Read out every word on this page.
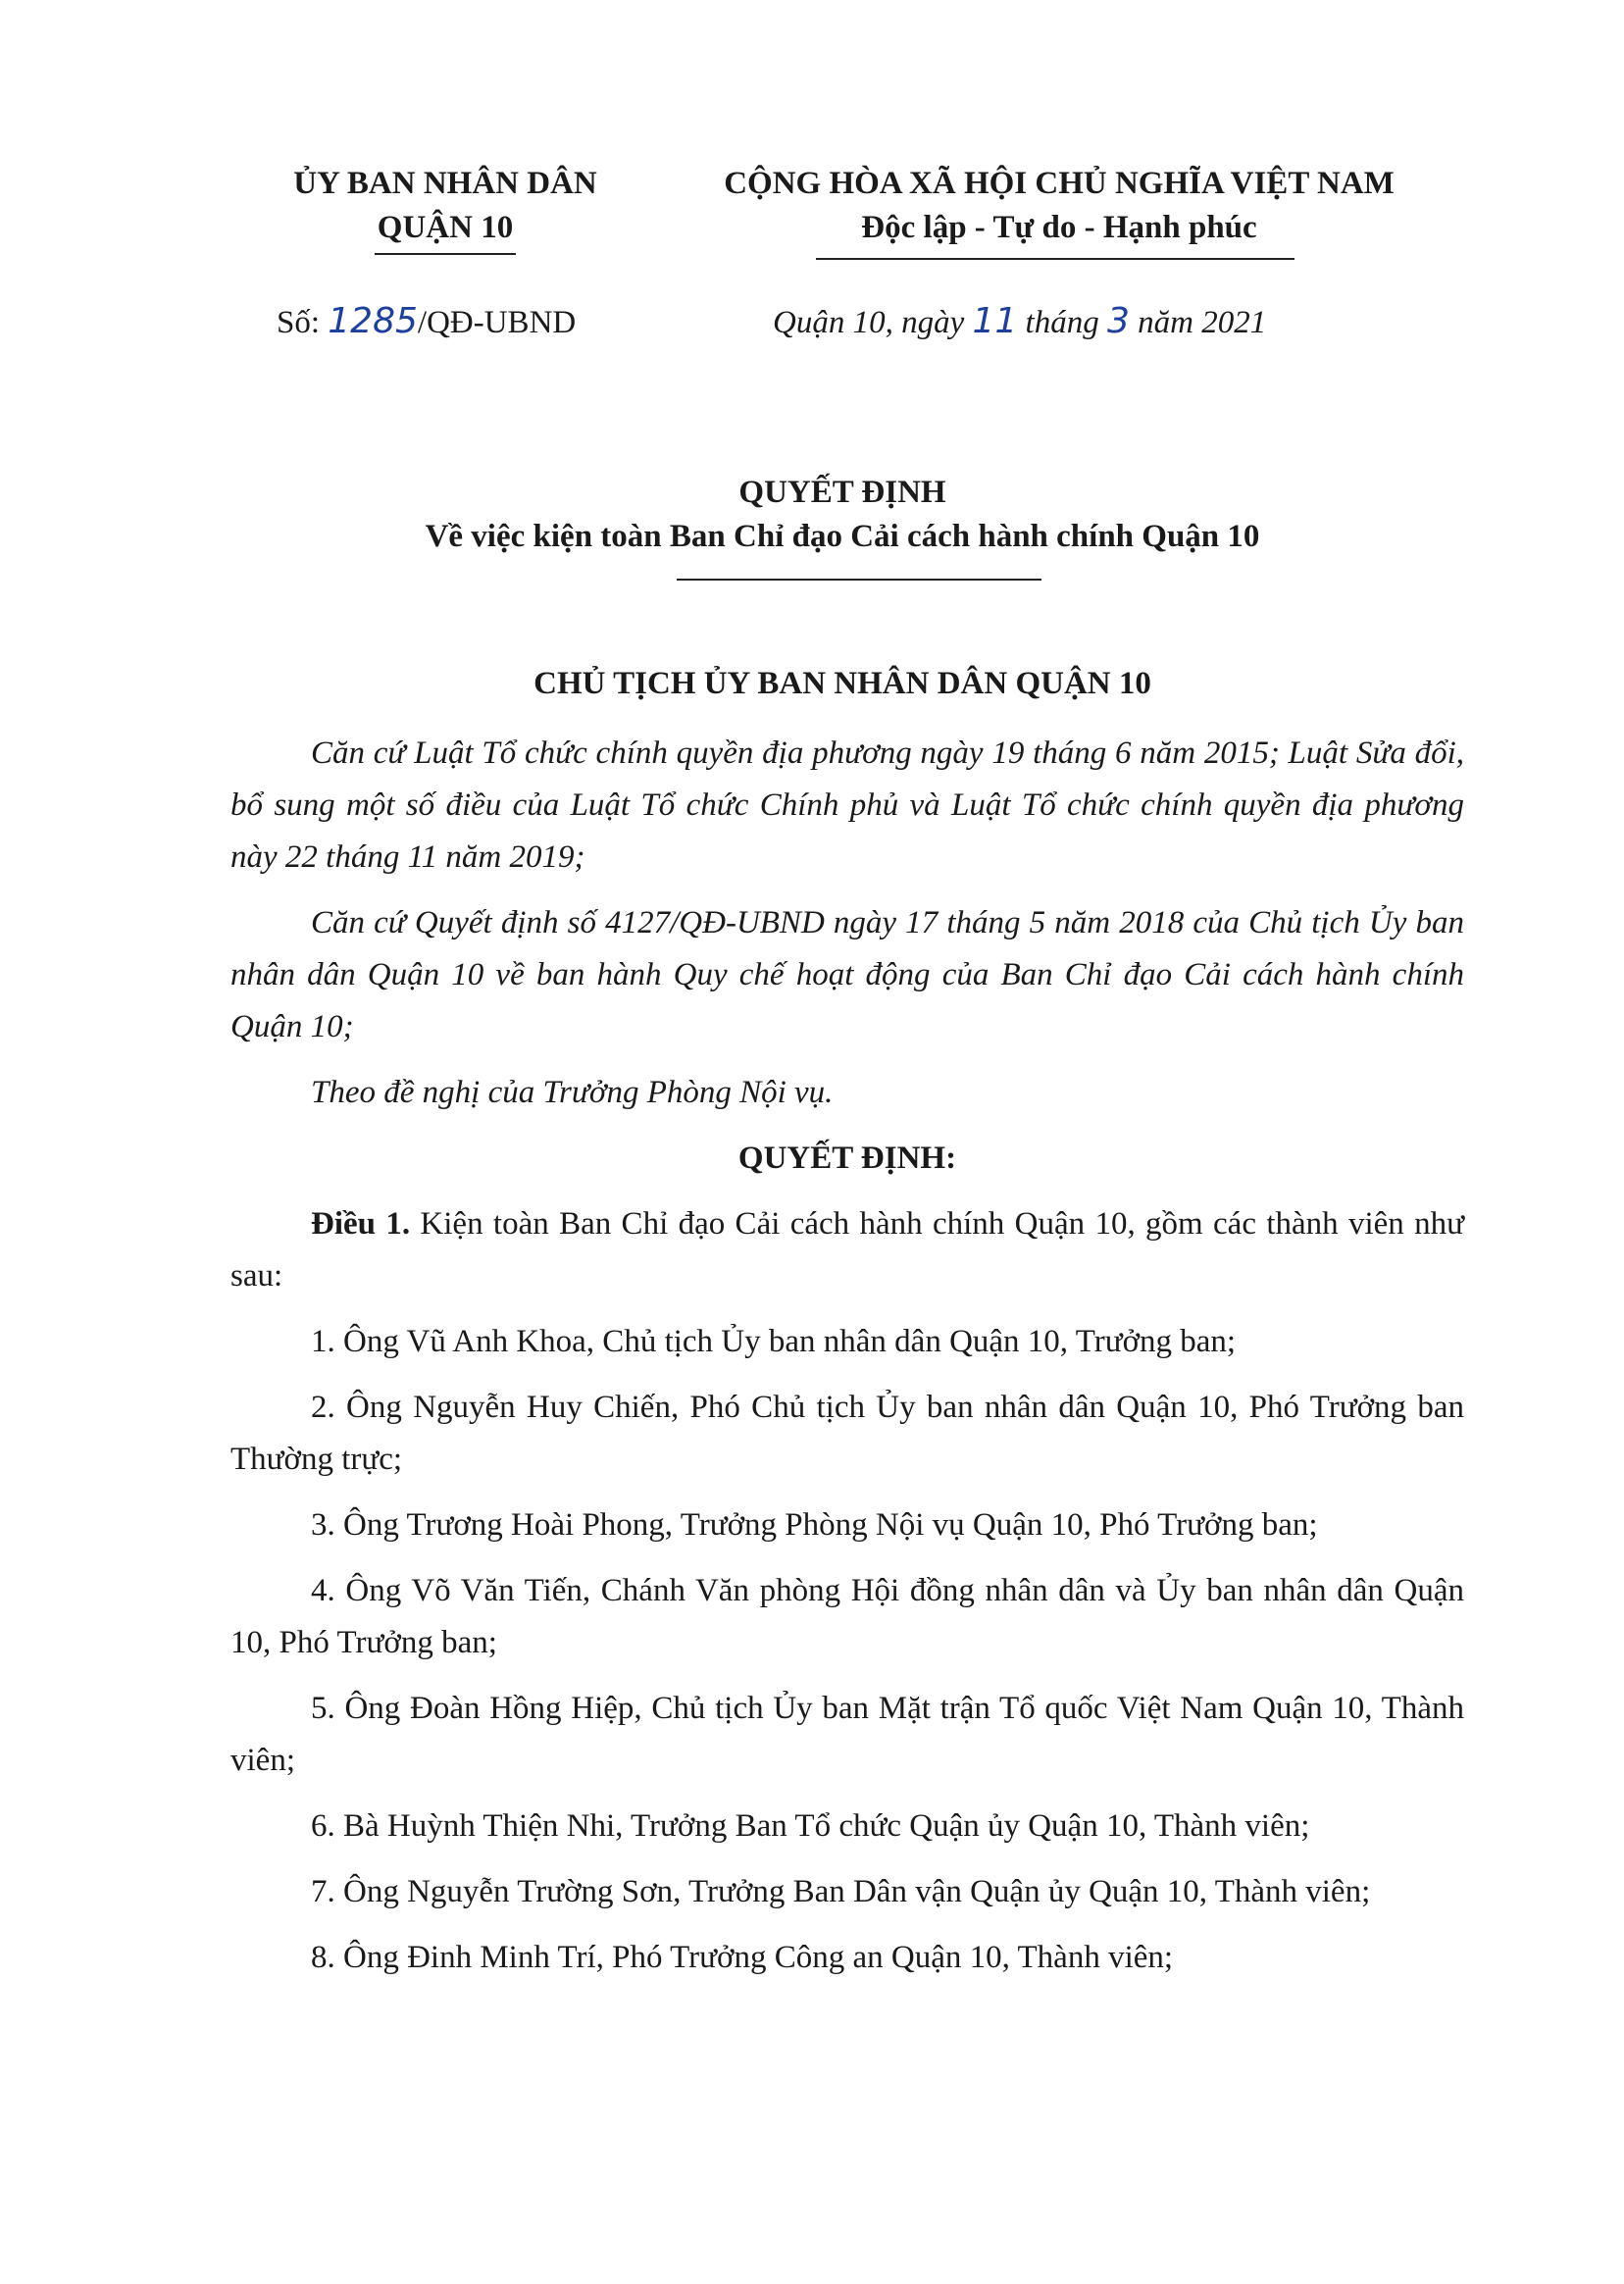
ỦY BAN NHÂN DÂN
QUẬN 10
CỘNG HÒA XÃ HỘI CHỦ NGHĨA VIỆT NAM
Độc lập - Tự do - Hạnh phúc
Số: 1285/QĐ-UBND	Quận 10, ngày 11 tháng 3 năm 2021
QUYẾT ĐỊNH
Về việc kiện toàn Ban Chỉ đạo Cải cách hành chính Quận 10
CHỦ TỊCH ỦY BAN NHÂN DÂN QUẬN 10

Căn cứ Luật Tổ chức chính quyền địa phương ngày 19 tháng 6 năm 2015; Luật Sửa đổi, bổ sung một số điều của Luật Tổ chức Chính phủ và Luật Tổ chức chính quyền địa phương này 22 tháng 11 năm 2019;

Căn cứ Quyết định số 4127/QĐ-UBND ngày 17 tháng 5 năm 2018 của Chủ tịch Ủy ban nhân dân Quận 10 về ban hành Quy chế hoạt động của Ban Chỉ đạo Cải cách hành chính Quận 10;

Theo đề nghị của Trưởng Phòng Nội vụ.

QUYẾT ĐỊNH:

Điều 1. Kiện toàn Ban Chỉ đạo Cải cách hành chính Quận 10, gồm các thành viên như sau:

1. Ông Vũ Anh Khoa, Chủ tịch Ủy ban nhân dân Quận 10, Trưởng ban;

2. Ông Nguyễn Huy Chiến, Phó Chủ tịch Ủy ban nhân dân Quận 10, Phó Trưởng ban Thường trực;

3. Ông Trương Hoài Phong, Trưởng Phòng Nội vụ Quận 10, Phó Trưởng ban;

4. Ông Võ Văn Tiến, Chánh Văn phòng Hội đồng nhân dân và Ủy ban nhân dân Quận 10, Phó Trưởng ban;

5. Ông Đoàn Hồng Hiệp, Chủ tịch Ủy ban Mặt trận Tổ quốc Việt Nam Quận 10, Thành viên;

6. Bà Huỳnh Thiện Nhi, Trưởng Ban Tổ chức Quận ủy Quận 10, Thành viên;

7. Ông Nguyễn Trường Sơn, Trưởng Ban Dân vận Quận ủy Quận 10, Thành viên;

8. Ông Đinh Minh Trí, Phó Trưởng Công an Quận 10, Thành viên;
